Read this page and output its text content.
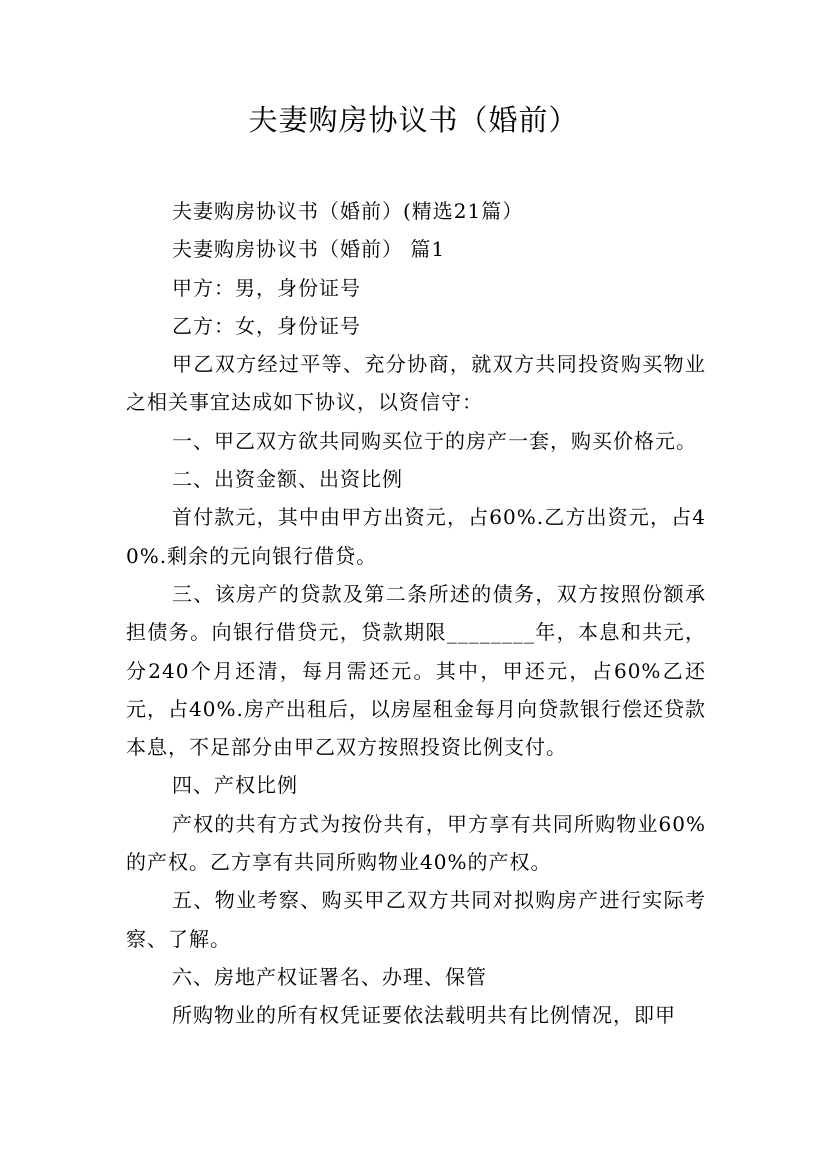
夫妻购房协议书（婚前）

夫妻购房协议书（婚前）(精选21篇）

夫妻购房协议书（婚前） 篇1

甲方：男，身份证号

乙方：女，身份证号

甲乙双方经过平等、充分协商，就双方共同投资购买物业之相关事宜达成如下协议，以资信守：

一、甲乙双方欲共同购买位于的房产一套，购买价格元。

二、出资金额、出资比例

首付款元，其中由甲方出资元，占60%.乙方出资元，占40%.剩余的元向银行借贷。

三、该房产的贷款及第二条所述的债务，双方按照份额承担债务。向银行借贷元，贷款期限________年，本息和共元，分240个月还清，每月需还元。其中，甲还元，占60%乙还元，占40%.房产出租后，以房屋租金每月向贷款银行偿还贷款本息，不足部分由甲乙双方按照投资比例支付。

四、产权比例

产权的共有方式为按份共有，甲方享有共同所购物业60%的产权。乙方享有共同所购物业40%的产权。

五、物业考察、购买甲乙双方共同对拟购房产进行实际考察、了解。

六、房地产权证署名、办理、保管

所购物业的所有权凭证要依法载明共有比例情况，即甲
